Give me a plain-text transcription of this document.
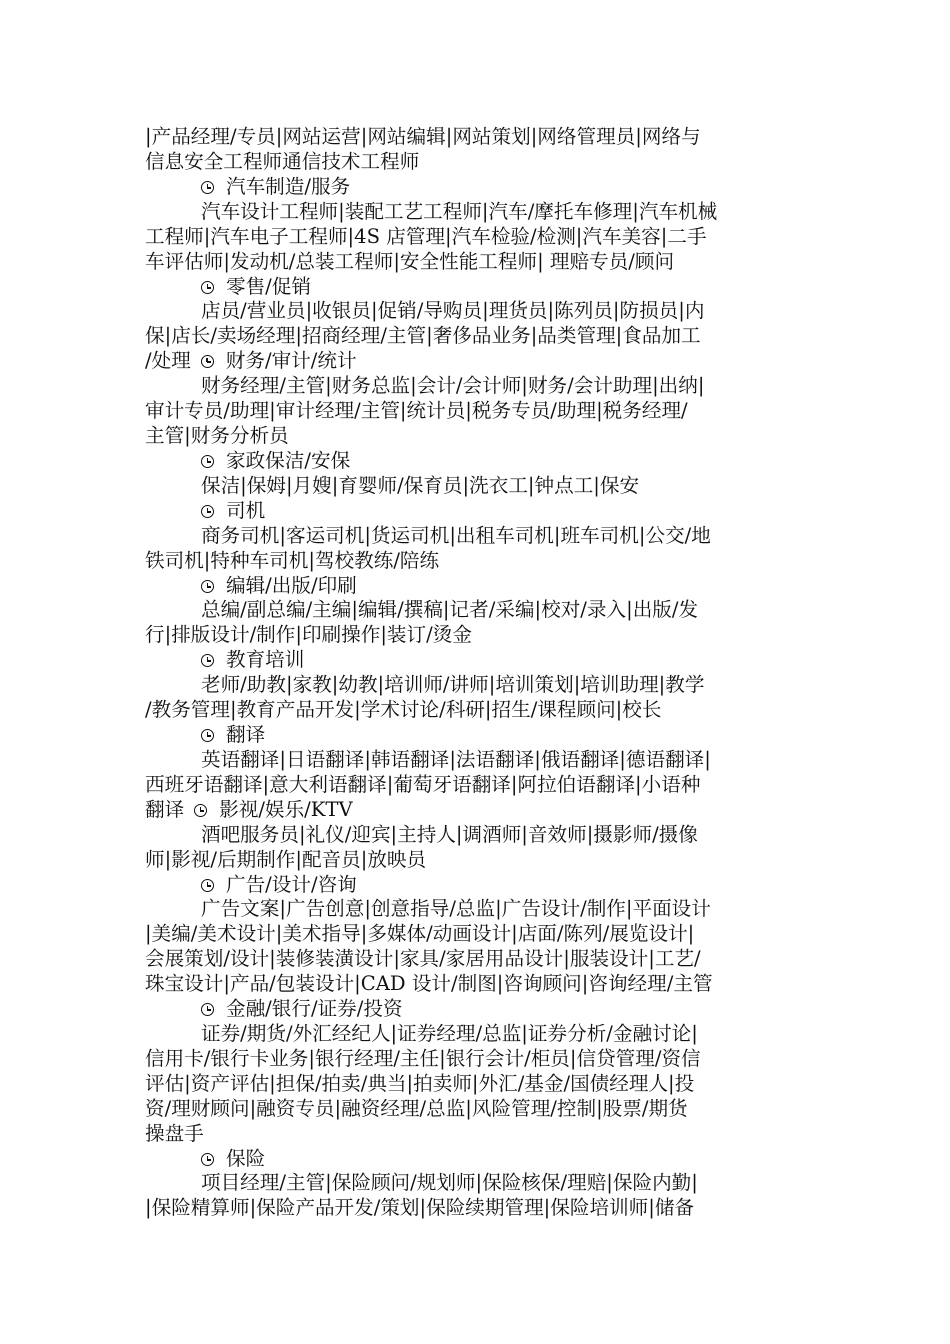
|产品经理/专员|网站运营|网站编辑|网站策划|网络管理员|网络与
信息安全工程师通信技术工程师
汽车制造/服务
汽车设计工程师|装配工艺工程师|汽车/摩托车修理|汽车机械
工程师|汽车电子工程师|4S 店管理|汽车检验/检测|汽车美容|二手
车评估师|发动机/总装工程师|安全性能工程师| 理赔专员/顾问
零售/促销
店员/营业员|收银员|促销/导购员|理货员|陈列员|防损员|内
保|店长/卖场经理|招商经理/主管|奢侈品业务|品类管理|食品加工
/处理 财务/审计/统计
财务经理/主管|财务总监|会计/会计师|财务/会计助理|出纳|
审计专员/助理|审计经理/主管|统计员|税务专员/助理|税务经理/
主管|财务分析员
家政保洁/安保
保洁|保姆|月嫂|育婴师/保育员|洗衣工|钟点工|保安
司机
商务司机|客运司机|货运司机|出租车司机|班车司机|公交/地
铁司机|特种车司机|驾校教练/陪练
编辑/出版/印刷
总编/副总编/主编|编辑/撰稿|记者/采编|校对/录入|出版/发
行|排版设计/制作|印刷操作|装订/烫金
教育培训
老师/助教|家教|幼教|培训师/讲师|培训策划|培训助理|教学
/教务管理|教育产品开发|学术讨论/科研|招生/课程顾问|校长
翻译
英语翻译|日语翻译|韩语翻译|法语翻译|俄语翻译|德语翻译|
西班牙语翻译|意大利语翻译|葡萄牙语翻译|阿拉伯语翻译|小语种
翻译 影视/娱乐/KTV
酒吧服务员|礼仪/迎宾|主持人|调酒师|音效师|摄影师/摄像
师|影视/后期制作|配音员|放映员
广告/设计/咨询
广告文案|广告创意|创意指导/总监|广告设计/制作|平面设计
|美编/美术设计|美术指导|多媒体/动画设计|店面/陈列/展览设计|
会展策划/设计|装修装潢设计|家具/家居用品设计|服装设计|工艺/
珠宝设计|产品/包装设计|CAD 设计/制图|咨询顾问|咨询经理/主管
金融/银行/证券/投资
证券/期货/外汇经纪人|证券经理/总监|证券分析/金融讨论|
信用卡/银行卡业务|银行经理/主任|银行会计/柜员|信贷管理/资信
评估|资产评估|担保/拍卖/典当|拍卖师|外汇/基金/国债经理人|投
资/理财顾问|融资专员|融资经理/总监|风险管理/控制|股票/期货
操盘手
保险
项目经理/主管|保险顾问/规划师|保险核保/理赔|保险内勤|
|保险精算师|保险产品开发/策划|保险续期管理|保险培训师|储备
